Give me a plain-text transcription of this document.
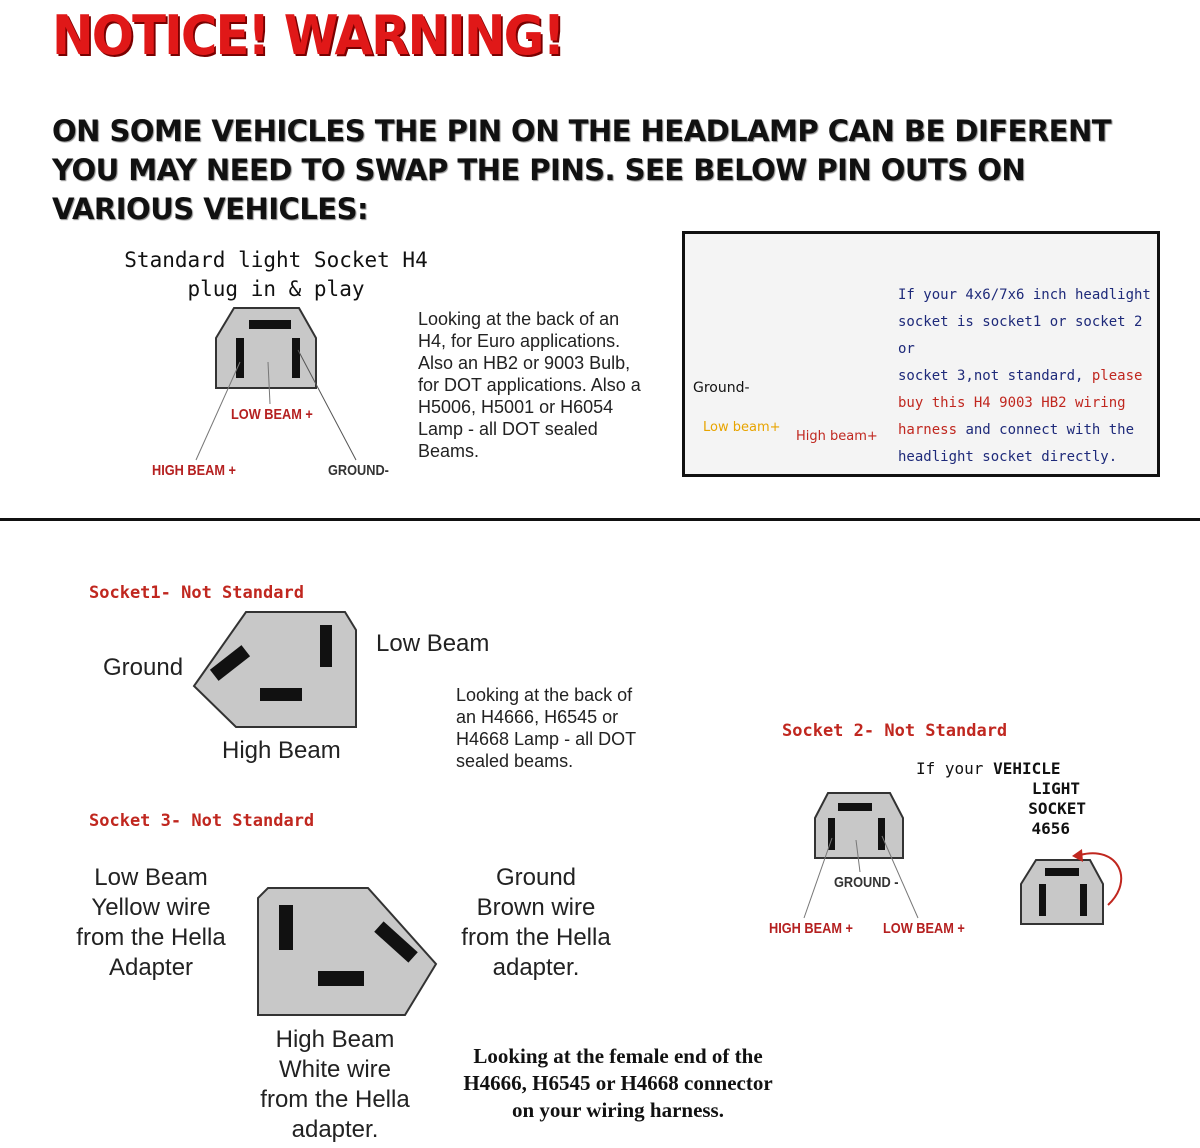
NOTICE! WARNING!
ON SOME VEHICLES THE PIN ON THE HEADLAMP CAN BE DIFERENT
YOU MAY NEED TO SWAP THE PINS. SEE BELOW PIN OUTS ON
VARIOUS VEHICLES:
Standard light Socket H4
plug in & play
LOW BEAM +
HIGH BEAM +	GROUND-
Looking at the back of an
H4, for Euro applications.
Also an HB2 or 9003 Bulb,
for DOT applications. Also a
H5006, H5001 or H6054
Lamp - all DOT sealed
Beams.
Ground-
Low beam+
High beam+
If your 4x6/7x6 inch headlight
socket is socket1 or socket 2 or
socket 3,not standard, please
buy this H4 9003 HB2 wiring
harness and connect with the
headlight socket directly.
Socket1- Not Standard
Ground
Low Beam
High Beam
Looking at the back of
an H4666, H6545 or
H4668 Lamp - all DOT
sealed beams.
Socket 2- Not Standard
If your VEHICLE
LIGHT
SOCKET
4656
GROUND -
HIGH BEAM + LOW BEAM +
Socket 3- Not Standard
Low Beam
Yellow wire
from the Hella
Adapter
Ground
Brown wire
from the Hella
adapter.
High Beam
White wire
from the Hella
adapter.
Looking at the female end of the
H4666, H6545 or H4668 connector
on your wiring harness.
